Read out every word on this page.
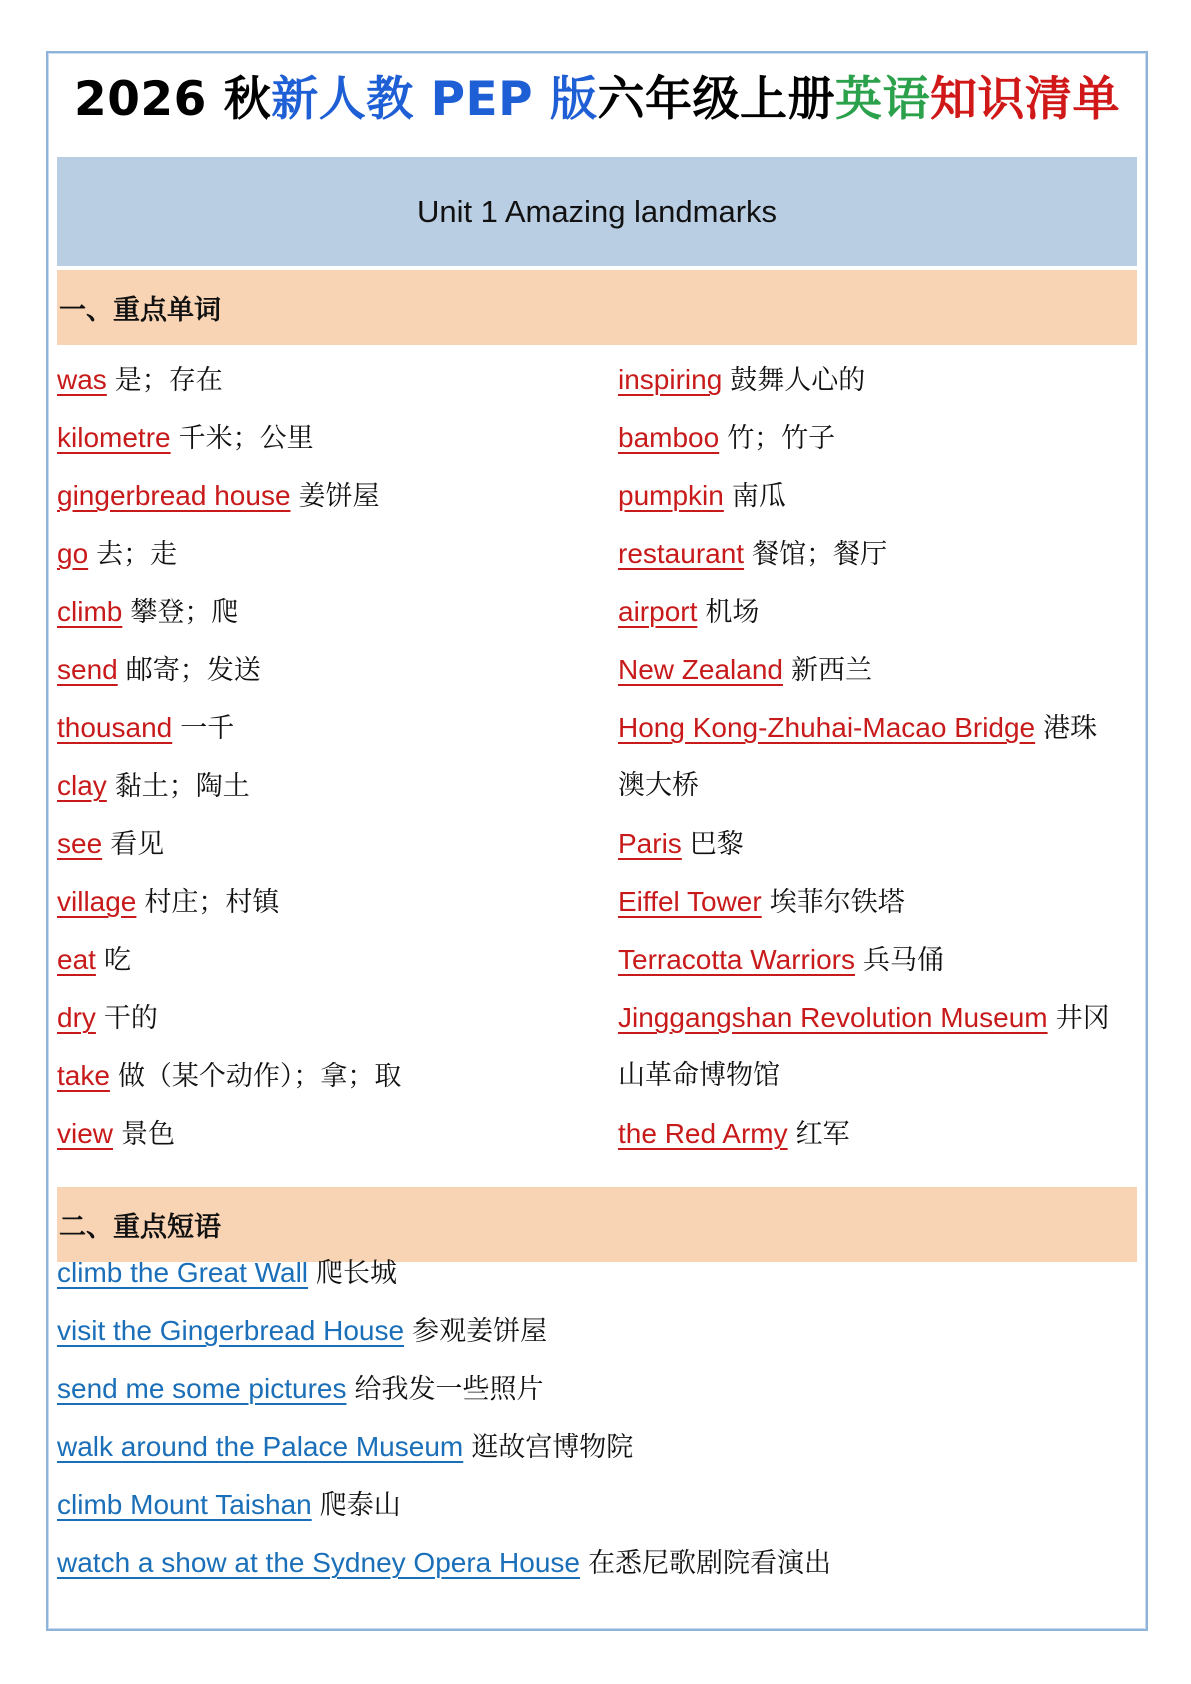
2026 秋新人教 PEP 版六年级上册英语知识清单
Unit 1 Amazing landmarks
一、重点单词
was 是；存在
kilometre 千米；公里
gingerbread house 姜饼屋
go 去；走
climb 攀登；爬
send 邮寄；发送
thousand 一千
clay 黏土；陶土
see 看见
village 村庄；村镇
eat 吃
dry 干的
take 做（某个动作）；拿；取
view 景色
inspiring 鼓舞人心的
bamboo 竹；竹子
pumpkin 南瓜
restaurant 餐馆；餐厅
airport 机场
New Zealand 新西兰
Hong Kong-Zhuhai-Macao Bridge 港珠
澳大桥
Paris 巴黎
Eiffel Tower 埃菲尔铁塔
Terracotta Warriors 兵马俑
Jinggangshan Revolution Museum 井冈
山革命博物馆
the Red Army 红军
二、重点短语
climb the Great Wall 爬长城
visit the Gingerbread House 参观姜饼屋
send me some pictures 给我发一些照片
walk around the Palace Museum 逛故宫博物院
climb Mount Taishan 爬泰山
watch a show at the Sydney Opera House 在悉尼歌剧院看演出
